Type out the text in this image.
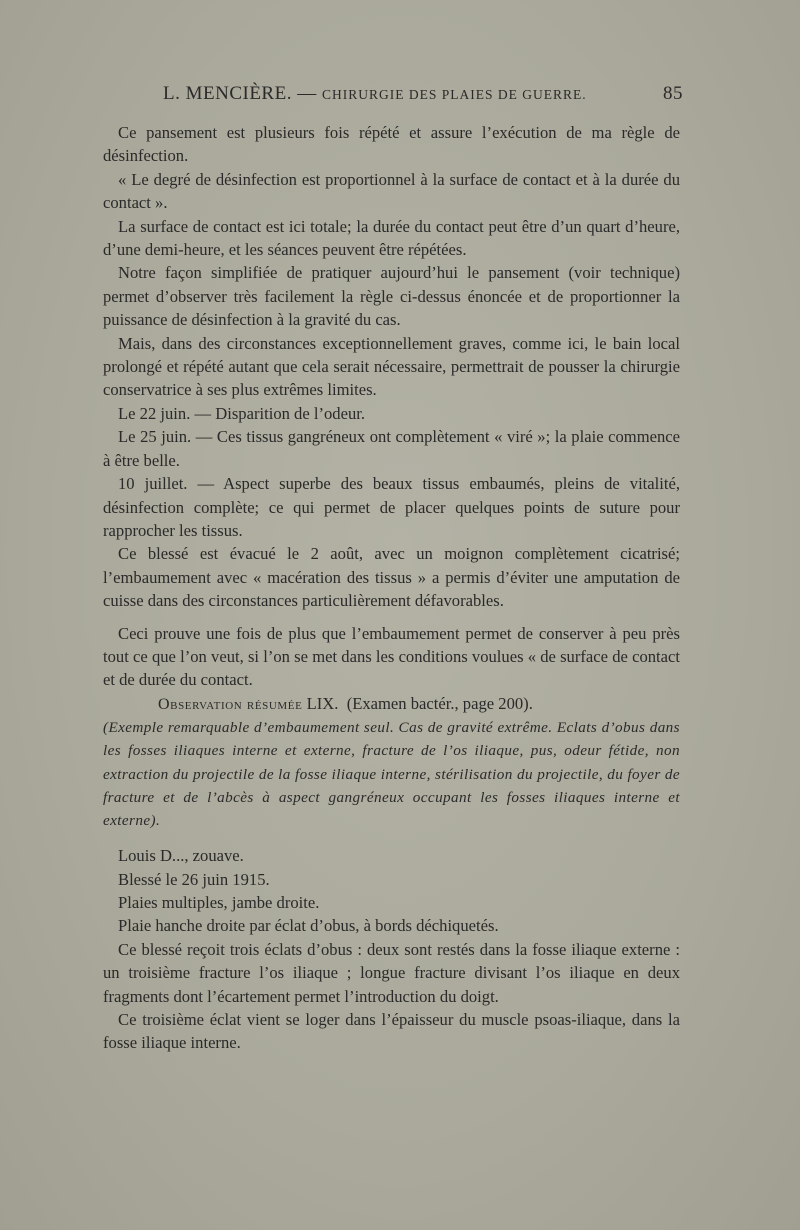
L. MENCIÈRE. — CHIRURGIE DES PLAIES DE GUERRE.	85

Ce pansement est plusieurs fois répété et assure l’exécution de ma règle de désinfection.

« Le degré de désinfection est proportionnel à la surface de contact et à la durée du contact ».

La surface de contact est ici totale; la durée du contact peut être d’un quart d’heure, d’une demi-heure, et les séances peuvent être répétées.

Notre façon simplifiée de pratiquer aujourd’hui le pansement (voir technique) permet d’observer très facilement la règle ci-dessus énoncée et de proportionner la puissance de désinfection à la gravité du cas.

Mais, dans des circonstances exceptionnellement graves, comme ici, le bain local prolongé et répété autant que cela serait nécessaire, permettrait de pousser la chirurgie conservatrice à ses plus extrêmes limites.

Le 22 juin. — Disparition de l’odeur.

Le 25 juin. — Ces tissus gangréneux ont complètement « viré »; la plaie commence à être belle.

10 juillet. — Aspect superbe des beaux tissus embaumés, pleins de vitalité, désinfection complète; ce qui permet de placer quelques points de suture pour rapprocher les tissus.

Ce blessé est évacué le 2 août, avec un moignon complètement cicatrisé; l’embaumement avec « macération des tissus » a permis d’éviter une amputation de cuisse dans des circonstances particulièrement défavorables.

Ceci prouve une fois de plus que l’embaumement permet de conserver à peu près tout ce que l’on veut, si l’on se met dans les conditions voulues « de surface de contact et de durée du contact.

Observation résumée LIX. (Examen bactér., page 200).

(Exemple remarquable d’embaumement seul. Cas de gravité extrême. Eclats d’obus dans les fosses iliaques interne et externe, fracture de l’os iliaque, pus, odeur fétide, non extraction du projectile de la fosse iliaque interne, stérilisation du projectile, du foyer de fracture et de l’abcès à aspect gangréneux occupant les fosses iliaques interne et externe).

Louis D..., zouave.

Blessé le 26 juin 1915.

Plaies multiples, jambe droite.

Plaie hanche droite par éclat d’obus, à bords déchiquetés.

Ce blessé reçoit trois éclats d’obus : deux sont restés dans la fosse iliaque externe : un troisième fracture l’os iliaque ; longue fracture divisant l’os iliaque en deux fragments dont l’écartement permet l’introduction du doigt.

Ce troisième éclat vient se loger dans l’épaisseur du muscle psoas-iliaque, dans la fosse iliaque interne.
